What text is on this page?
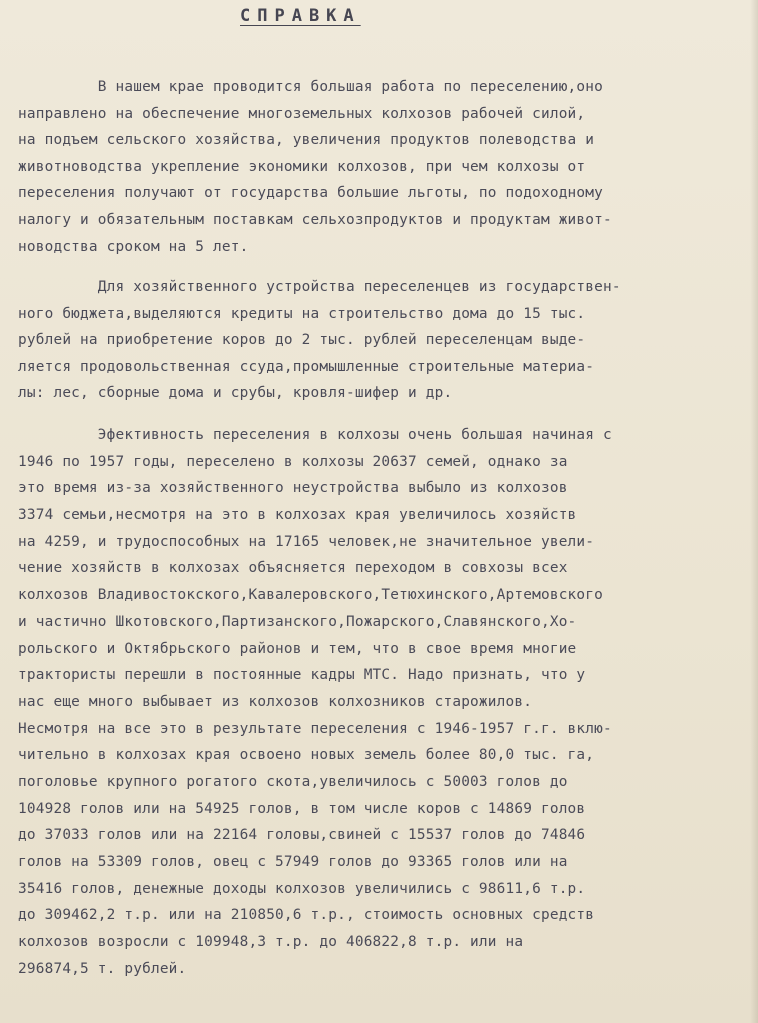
СПРАВКА
В нашем крае проводится большая работа по переселению,оно
направлено на обеспечение многоземельных колхозов рабочей силой,
на подъем сельского хозяйства, увеличения продуктов полеводства и
животноводства укрепление экономики колхозов, при чем колхозы от
переселения получают от государства большие льготы, по подоходному
налогу и обязательным поставкам сельхозпродуктов и продуктам живот-
новодства сроком на 5 лет.
Для хозяйственного устройства переселенцев из государствен-
ного бюджета,выделяются кредиты на строительство дома до 15 тыс.
рублей на приобретение коров до 2 тыс. рублей переселенцам выде-
ляется продовольственная ссуда,промышленные строительные материа-
лы: лес, сборные дома и срубы, кровля-шифер и др.
Эфективность переселения в колхозы очень большая начиная с
1946 по 1957 годы, переселено в колхозы 20637 семей, однако за
это время из-за хозяйственного неустройства выбыло из колхозов
3374 семьи,несмотря на это в колхозах края увеличилось хозяйств
на 4259, и трудоспособных на 17165 человек,не значительное увели-
чение хозяйств в колхозах объясняется переходом в совхозы всех
колхозов Владивостокского,Кавалеровского,Тетюхинского,Артемовского
и частично Шкотовского,Партизанского,Пожарского,Славянского,Хо-
рольского и Октябрьского районов и тем, что в свое время многие
трактористы перешли в постоянные кадры МТС. Надо признать, что у
нас еще много выбывает из колхозов колхозников старожилов.
Несмотря на все это в результате переселения с 1946-1957 г.г. вклю-
чительно в колхозах края освоено новых земель более 80,0 тыс. га,
поголовье крупного рогатого скота,увеличилось с 50003 голов до
104928 голов или на 54925 голов, в том числе коров с 14869 голов
до 37033 голов или на 22164 головы,свиней с 15537 голов до 74846
голов на 53309 голов, овец с 57949 голов до 93365 голов или на
35416 голов, денежные доходы колхозов увеличились с 98611,6 т.р.
до 309462,2 т.р. или на 210850,6 т.р., стоимость основных средств
колхозов возросли с 109948,3 т.р. до 406822,8 т.р. или на
296874,5 т. рублей.
